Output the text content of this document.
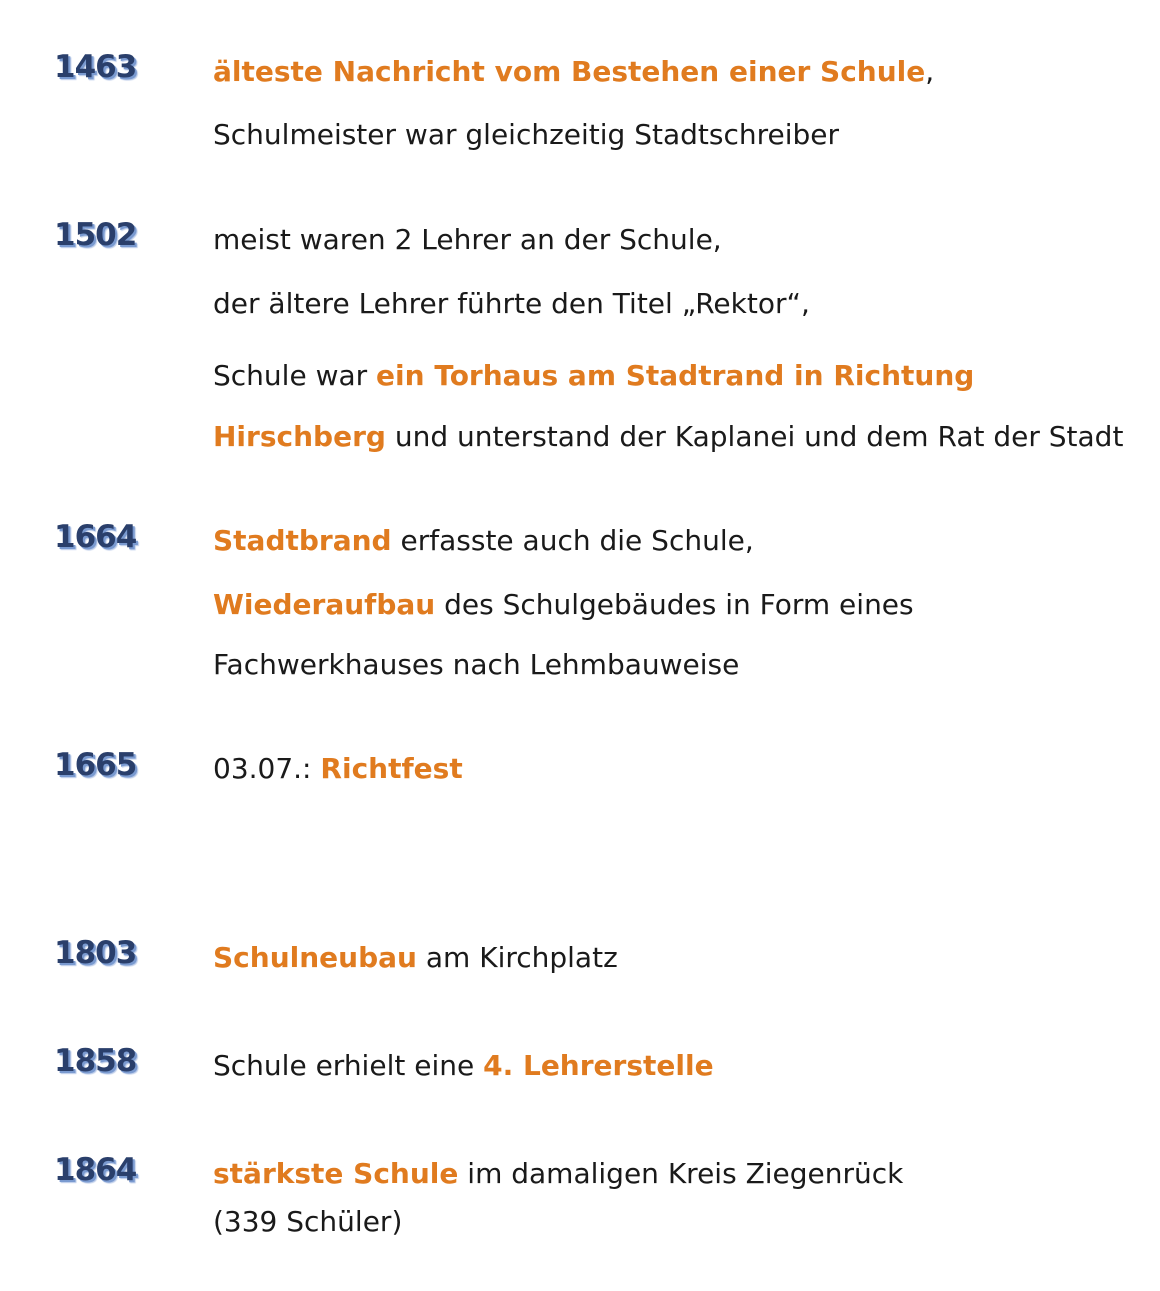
1463	älteste Nachricht vom Bestehen einer Schule,
Schulmeister war gleichzeitig Stadtschreiber
1502	meist waren 2 Lehrer an der Schule,
der ältere Lehrer führte den Titel „Rektor“,
Schule war ein Torhaus am Stadtrand in Richtung
Hirschberg und unterstand der Kaplanei und dem Rat der Stadt
1664	Stadtbrand erfasste auch die Schule,
Wiederaufbau des Schulgebäudes in Form eines
Fachwerkhauses nach Lehmbauweise
1665	03.07.: Richtfest
1803	Schulneubau am Kirchplatz
1858	Schule erhielt eine 4. Lehrerstelle
1864	stärkste Schule im damaligen Kreis Ziegenrück
(339 Schüler)
